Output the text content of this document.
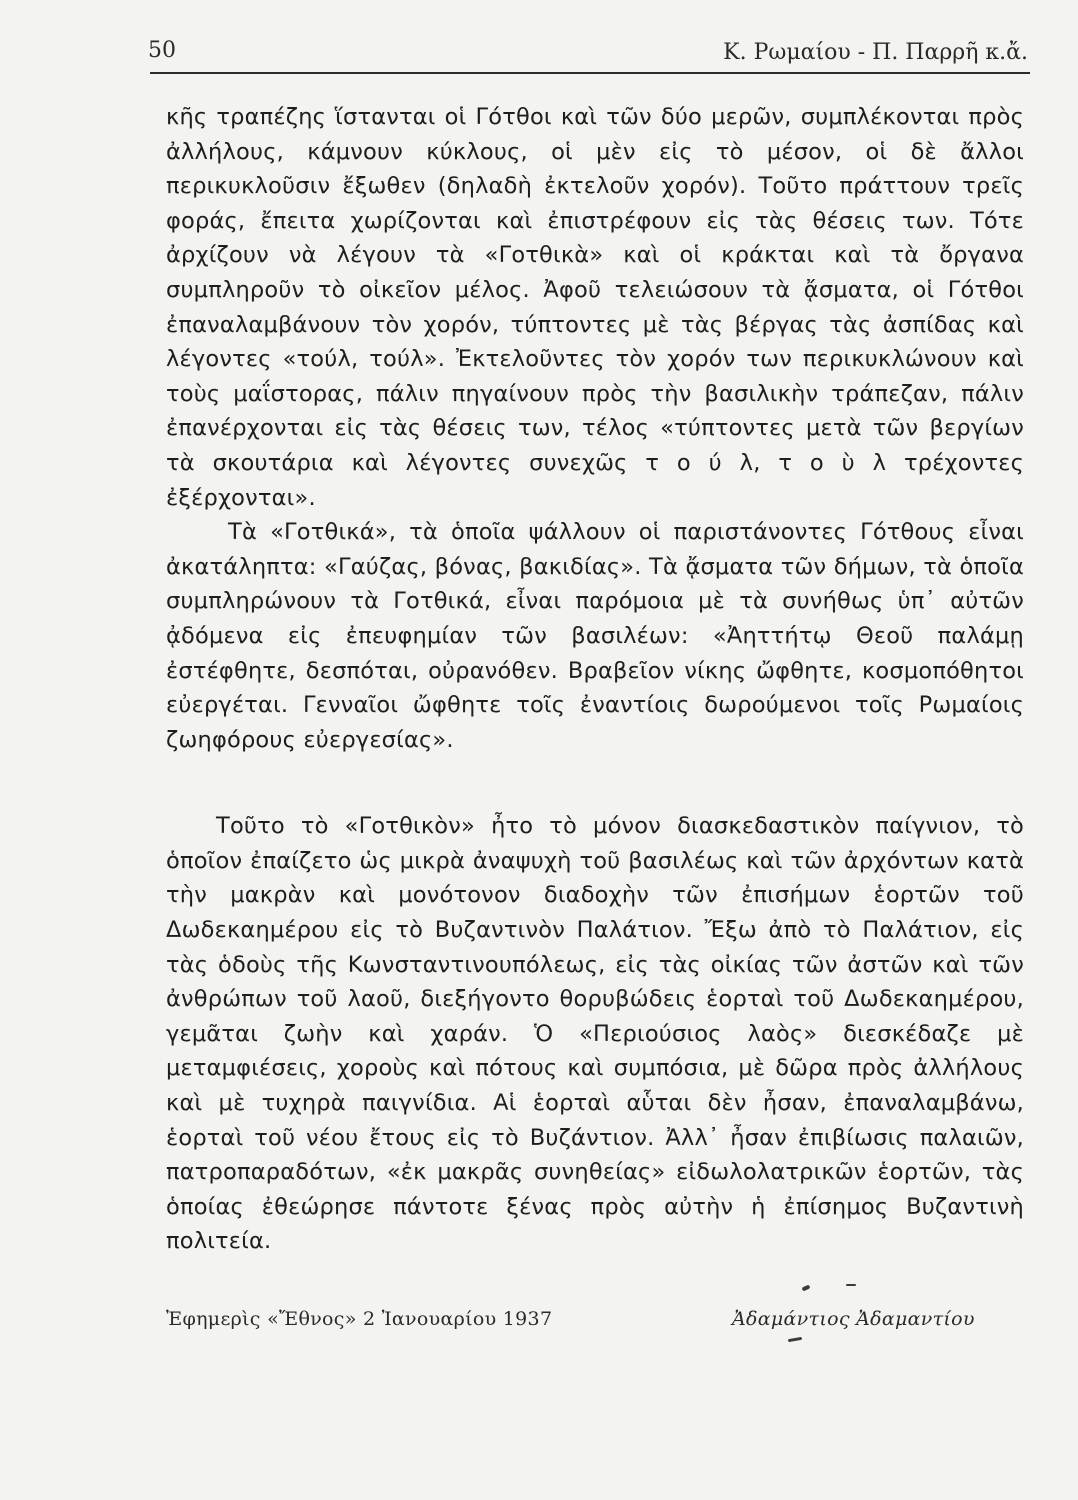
50	Κ. Ρωμαίου - Π. Παρρῆ κ.ἄ.

κῆς τραπέζης ἵστανται οἱ Γότθοι καὶ τῶν δύο μερῶν, συμπλέκονται πρὸς ἀλλήλους, κάμνουν κύκλους, οἱ μὲν εἰς τὸ μέσον, οἱ δὲ ἄλλοι περικυκλοῦσιν ἔξωθεν (δηλαδὴ ἐκτελοῦν χορόν). Τοῦτο πράττουν τρεῖς φοράς, ἔπειτα χωρίζονται καὶ ἐπιστρέφουν εἰς τὰς θέσεις των. Τότε ἀρχίζουν νὰ λέγουν τὰ «Γοτθικὰ» καὶ οἱ κράκται καὶ τὰ ὄργανα συμπληροῦν τὸ οἰκεῖον μέλος. Ἀφοῦ τελειώσουν τὰ ᾄσματα, οἱ Γότθοι ἐπαναλαμβάνουν τὸν χορόν, τύπτοντες μὲ τὰς βέργας τὰς ἀσπίδας καὶ λέγοντες «τούλ, τούλ». Ἐκτελοῦντες τὸν χορόν των περικυκλώνουν καὶ τοὺς μαΐστορας, πάλιν πηγαίνουν πρὸς τὴν βασιλικὴν τράπεζαν, πάλιν ἐπανέρχονται εἰς τὰς θέσεις των, τέλος «τύπτοντες μετὰ τῶν βεργίων τὰ σκουτάρια καὶ λέγοντες συνεχῶς τ ο ύ λ, τ ο ὺ λ τρέχοντες ἐξέρχονται».

Τὰ «Γοτθικά», τὰ ὁποῖα ψάλλουν οἱ παριστάνοντες Γότθους εἶναι ἀκατάληπτα: «Γαύζας, βόνας, βακιδίας». Τὰ ᾄσματα τῶν δήμων, τὰ ὁποῖα συμπληρώνουν τὰ Γοτθικά, εἶναι παρόμοια μὲ τὰ συνήθως ὑπ᾽ αὐτῶν ᾀδόμενα εἰς ἐπευφημίαν τῶν βασιλέων: «Ἀηττήτῳ Θεοῦ παλάμῃ ἐστέφθητε, δεσπόται, οὐρανόθεν. Βραβεῖον νίκης ὤφθητε, κοσμοπόθητοι εὐεργέται. Γενναῖοι ὤφθητε τοῖς ἐναντίοις δωρούμενοι τοῖς Ρωμαίοις ζωηφόρους εὐεργεσίας».

Τοῦτο τὸ «Γοτθικὸν» ἦτο τὸ μόνον διασκεδαστικὸν παίγνιον, τὸ ὁποῖον ἐπαίζετο ὡς μικρὰ ἀναψυχὴ τοῦ βασιλέως καὶ τῶν ἀρχόντων κατὰ τὴν μακρὰν καὶ μονότονον διαδοχὴν τῶν ἐπισήμων ἑορτῶν τοῦ Δωδεκαημέρου εἰς τὸ Βυζαντινὸν Παλάτιον. Ἔξω ἀπὸ τὸ Παλάτιον, εἰς τὰς ὁδοὺς τῆς Κωνσταντινουπόλεως, εἰς τὰς οἰκίας τῶν ἀστῶν καὶ τῶν ἀνθρώπων τοῦ λαοῦ, διεξήγοντο θορυβώδεις ἑορταὶ τοῦ Δωδεκαημέρου, γεμᾶται ζωὴν καὶ χαράν. Ὁ «Περιούσιος λαὸς» διεσκέδαζε μὲ μεταμφιέσεις, χοροὺς καὶ πότους καὶ συμπόσια, μὲ δῶρα πρὸς ἀλλήλους καὶ μὲ τυχηρὰ παιγνίδια. Αἱ ἑορταὶ αὗται δὲν ἦσαν, ἐπαναλαμβάνω, ἑορταὶ τοῦ νέου ἔτους εἰς τὸ Βυζάντιον. Ἀλλ᾽ ἦσαν ἐπιβίωσις παλαιῶν, πατροπαραδότων, «ἐκ μακρᾶς συνηθείας» εἰδωλολατρικῶν ἑορτῶν, τὰς ὁποίας ἐθεώρησε πάντοτε ξένας πρὸς αὐτὴν ἡ ἐπίσημος Βυζαντινὴ πολιτεία.

Ἐφημερὶς «Ἔθνος» 2 Ἰανουαρίου 1937	Ἀδαμάντιος Ἀδαμαντίου
